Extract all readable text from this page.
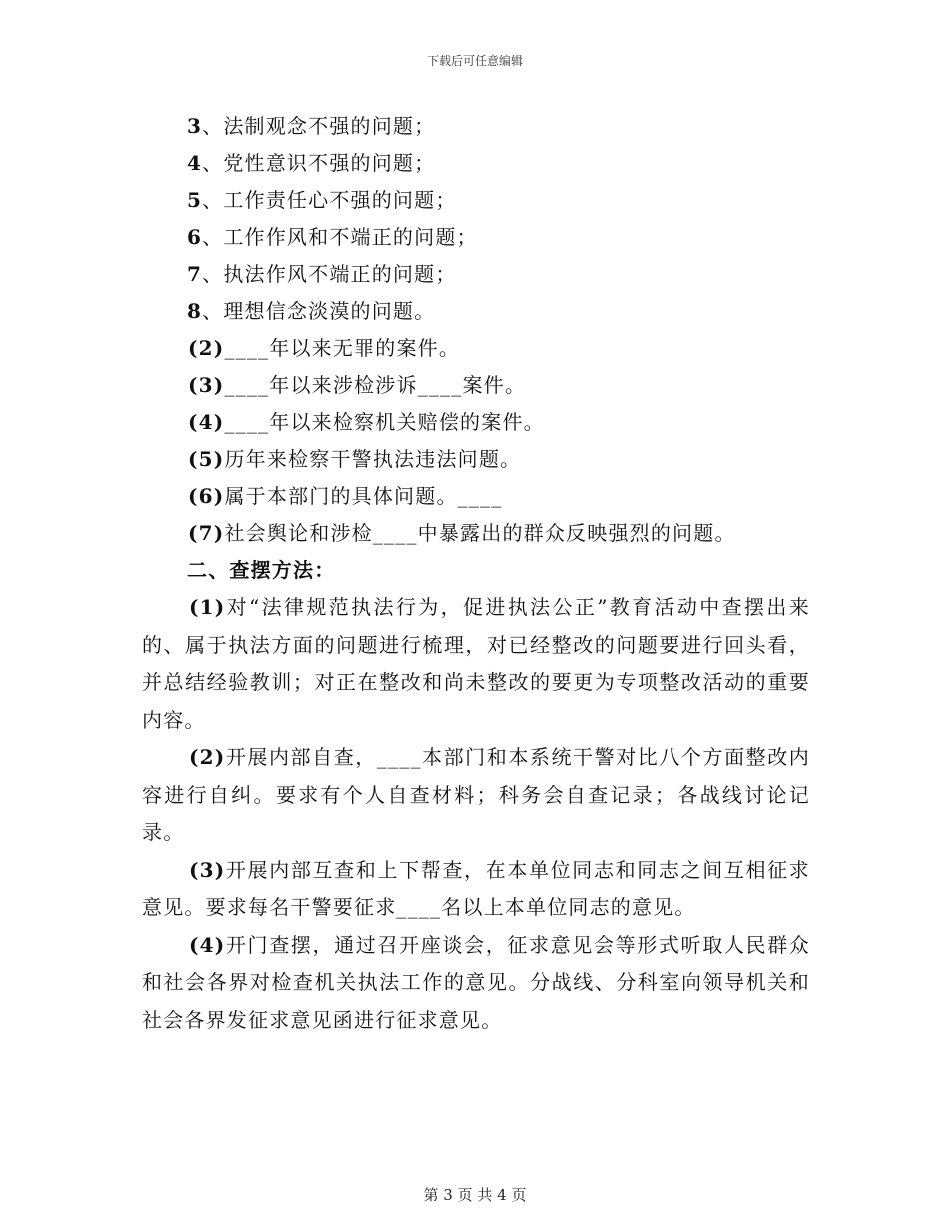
下载后可任意编辑
3、法制观念不强的问题；
4、党性意识不强的问题；
5、工作责任心不强的问题；
6、工作作风和不端正的问题；
7、执法作风不端正的问题；
8、理想信念淡漠的问题。
(2)____年以来无罪的案件。
(3)____年以来涉检涉诉____案件。
(4)____年以来检察机关赔偿的案件。
(5)历年来检察干警执法违法问题。
(6)属于本部门的具体问题。____
(7)社会舆论和涉检____中暴露出的群众反映强烈的问题。
二、查摆方法：

(1)对“法律规范执法行为，促进执法公正”教育活动中查摆出来的、属于执法方面的问题进行梳理，对已经整改的问题要进行回头看，并总结经验教训；对正在整改和尚未整改的要更为专项整改活动的重要内容。

(2)开展内部自查，____本部门和本系统干警对比八个方面整改内容进行自纠。要求有个人自查材料；科务会自查记录；各战线讨论记录。

(3)开展内部互查和上下帮查，在本单位同志和同志之间互相征求意见。要求每名干警要征求____名以上本单位同志的意见。

(4)开门查摆，通过召开座谈会，征求意见会等形式听取人民群众和社会各界对检查机关执法工作的意见。分战线、分科室向领导机关和社会各界发征求意见函进行征求意见。

第 3 页 共 4 页
